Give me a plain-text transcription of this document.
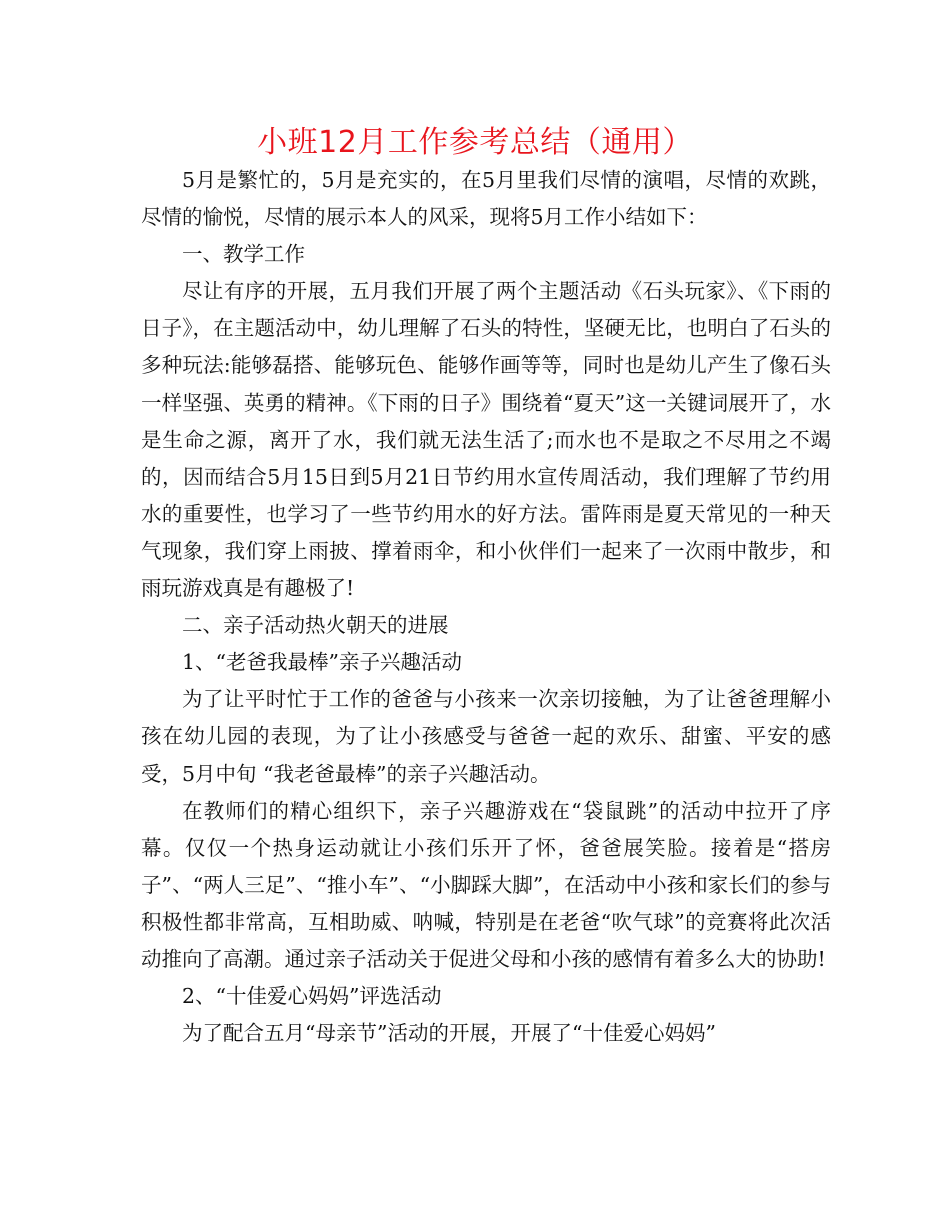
小班12月工作参考总结（通用）

5月是繁忙的，5月是充实的，在5月里我们尽情的演唱，尽情的欢跳，尽情的愉悦，尽情的展示本人的风采，现将5月工作小结如下：

一、教学工作

尽让有序的开展，五月我们开展了两个主题活动《石头玩家》、《下雨的日子》，在主题活动中，幼儿理解了石头的特性，坚硬无比，也明白了石头的多种玩法:能够磊搭、能够玩色、能够作画等等，同时也是幼儿产生了像石头一样坚强、英勇的精神。《下雨的日子》围绕着“夏天”这一关键词展开了，水是生命之源，离开了水，我们就无法生活了;而水也不是取之不尽用之不竭的，因而结合5月15日到5月21日节约用水宣传周活动，我们理解了节约用水的重要性，也学习了一些节约用水的好方法。雷阵雨是夏天常见的一种天气现象，我们穿上雨披、撑着雨伞，和小伙伴们一起来了一次雨中散步，和雨玩游戏真是有趣极了!

二、亲子活动热火朝天的进展

1、“老爸我最棒”亲子兴趣活动

为了让平时忙于工作的爸爸与小孩来一次亲切接触，为了让爸爸理解小孩在幼儿园的表现，为了让小孩感受与爸爸一起的欢乐、甜蜜、平安的感受，5月中旬 “我老爸最棒”的亲子兴趣活动。

在教师们的精心组织下，亲子兴趣游戏在“袋鼠跳”的活动中拉开了序幕。仅仅一个热身运动就让小孩们乐开了怀，爸爸展笑脸。接着是“搭房子”、“两人三足”、“推小车”、“小脚踩大脚”，在活动中小孩和家长们的参与积极性都非常高，互相助威、呐喊，特别是在老爸“吹气球”的竞赛将此次活动推向了高潮。通过亲子活动关于促进父母和小孩的感情有着多么大的协助!

2、“十佳爱心妈妈”评选活动

为了配合五月“母亲节”活动的开展，开展了“十佳爱心妈妈”
